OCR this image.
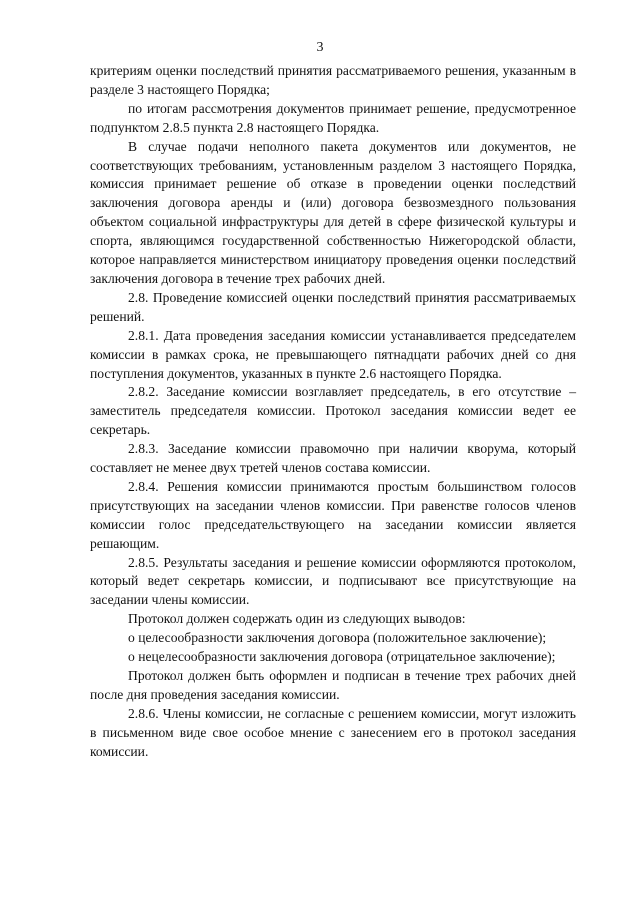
3

критериям оценки последствий принятия рассматриваемого решения, указанным в разделе 3 настоящего Порядка;

по итогам рассмотрения документов принимает решение, предусмотренное подпунктом 2.8.5 пункта 2.8 настоящего Порядка.

В случае подачи неполного пакета документов или документов, не соответствующих требованиям, установленным разделом 3 настоящего Порядка, комиссия принимает решение об отказе в проведении оценки последствий заключения договора аренды и (или) договора безвозмездного пользования объектом социальной инфраструктуры для детей в сфере физической культуры и спорта, являющимся государственной собственностью Нижегородской области, которое направляется министерством инициатору проведения оценки последствий заключения договора в течение трех рабочих дней.

2.8. Проведение комиссией оценки последствий принятия рассматриваемых решений.

2.8.1. Дата проведения заседания комиссии устанавливается председателем комиссии в рамках срока, не превышающего пятнадцати рабочих дней со дня поступления документов, указанных в пункте 2.6 настоящего Порядка.

2.8.2. Заседание комиссии возглавляет председатель, в его отсутствие – заместитель председателя комиссии. Протокол заседания комиссии ведет ее секретарь.

2.8.3. Заседание комиссии правомочно при наличии кворума, который составляет не менее двух третей членов состава комиссии.

2.8.4. Решения комиссии принимаются простым большинством голосов присутствующих на заседании членов комиссии. При равенстве голосов членов комиссии голос председательствующего на заседании комиссии является решающим.

2.8.5. Результаты заседания и решение комиссии оформляются протоколом, который ведет секретарь комиссии, и подписывают все присутствующие на заседании члены комиссии.

Протокол должен содержать один из следующих выводов:

о целесообразности заключения договора (положительное заключение);

о нецелесообразности заключения договора (отрицательное заключение);

Протокол должен быть оформлен и подписан в течение трех рабочих дней после дня проведения заседания комиссии.

2.8.6. Члены комиссии, не согласные с решением комиссии, могут изложить в письменном виде свое особое мнение с занесением его в протокол заседания комиссии.
